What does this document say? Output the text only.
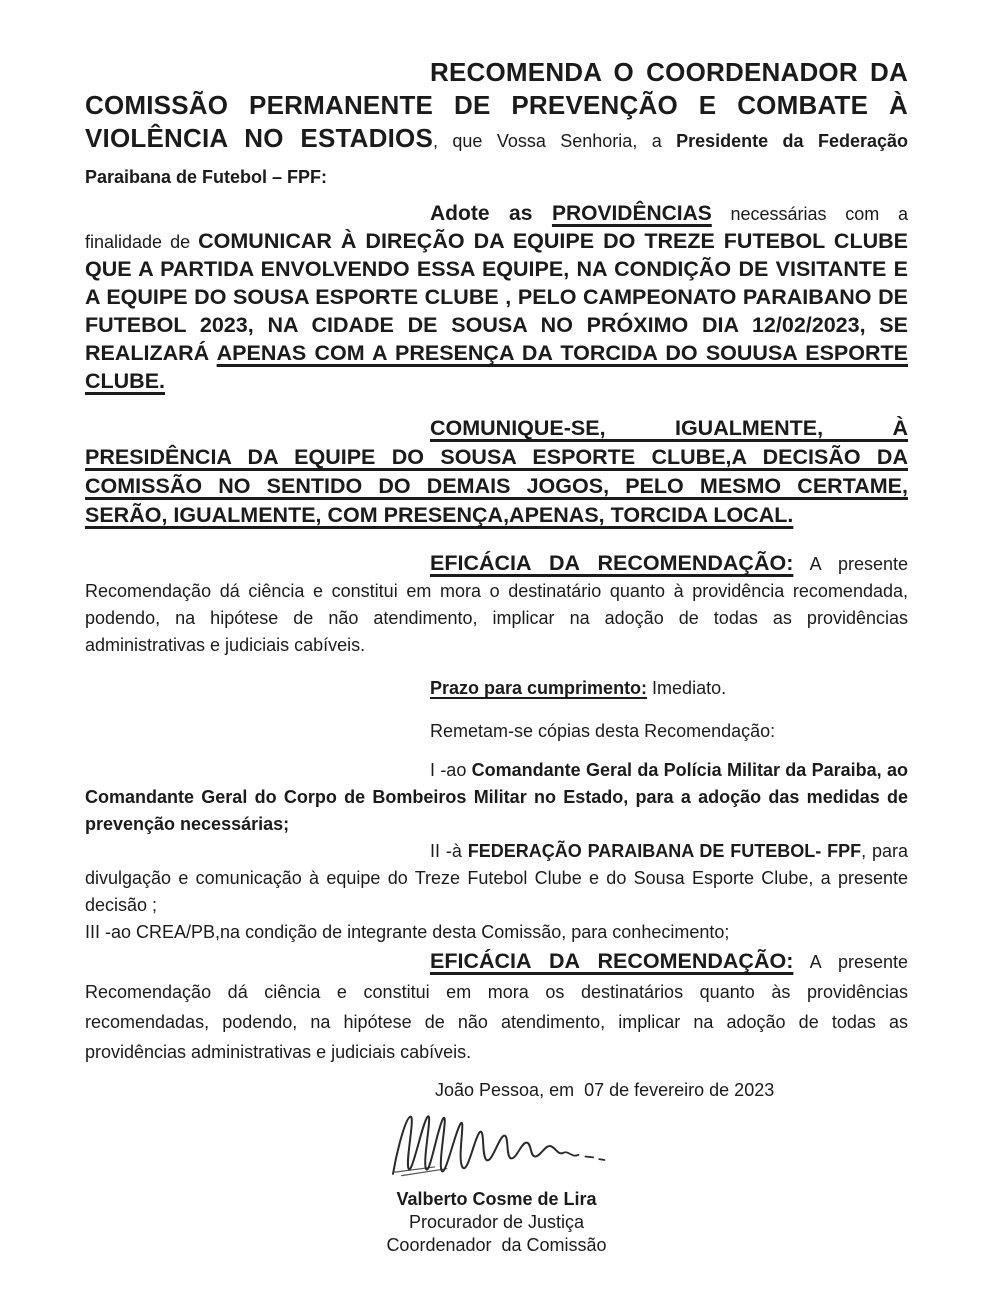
RECOMENDA O COORDENADOR DA COMISSÃO PERMANENTE DE PREVENÇÃO E COMBATE À VIOLÊNCIA NO ESTADIOS, que Vossa Senhoria, a Presidente da Federação Paraibana de Futebol – FPF:

Adote as PROVIDÊNCIAS necessárias com a finalidade de COMUNICAR À DIREÇÃO DA EQUIPE DO TREZE FUTEBOL CLUBE QUE A PARTIDA ENVOLVENDO ESSA EQUIPE, NA CONDIÇÃO DE VISITANTE E A EQUIPE DO SOUSA ESPORTE CLUBE , PELO CAMPEONATO PARAIBANO DE FUTEBOL 2023, NA CIDADE DE SOUSA NO PRÓXIMO DIA 12/02/2023, SE REALIZARÁ APENAS COM A PRESENÇA DA TORCIDA DO SOUUSA ESPORTE CLUBE.

COMUNIQUE-SE, IGUALMENTE, À PRESIDÊNCIA DA EQUIPE DO SOUSA ESPORTE CLUBE,A DECISÃO DA COMISSÃO NO SENTIDO DO DEMAIS JOGOS, PELO MESMO CERTAME, SERÃO, IGUALMENTE, COM PRESENÇA,APENAS, TORCIDA LOCAL.

EFICÁCIA DA RECOMENDAÇÃO: A presente Recomendação dá ciência e constitui em mora o destinatário quanto à providência recomendada, podendo, na hipótese de não atendimento, implicar na adoção de todas as providências administrativas e judiciais cabíveis.

Prazo para cumprimento: Imediato.

Remetam-se cópias desta Recomendação:

I -ao Comandante Geral da Polícia Militar da Paraiba, ao Comandante Geral do Corpo de Bombeiros Militar no Estado, para a adoção das medidas de prevenção necessárias;

II -à FEDERAÇÃO PARAIBANA DE FUTEBOL- FPF, para divulgação e comunicação à equipe do Treze Futebol Clube e do Sousa Esporte Clube, a presente decisão ;

III -ao CREA/PB,na condição de integrante desta Comissão, para conhecimento;

EFICÁCIA DA RECOMENDAÇÃO: A presente Recomendação dá ciência e constitui em mora os destinatários quanto às providências recomendadas, podendo, na hipótese de não atendimento, implicar na adoção de todas as providências administrativas e judiciais cabíveis.

João Pessoa, em  07 de fevereiro de 2023

Valberto Cosme de Lira

Procurador de Justiça

Coordenador  da Comissão
